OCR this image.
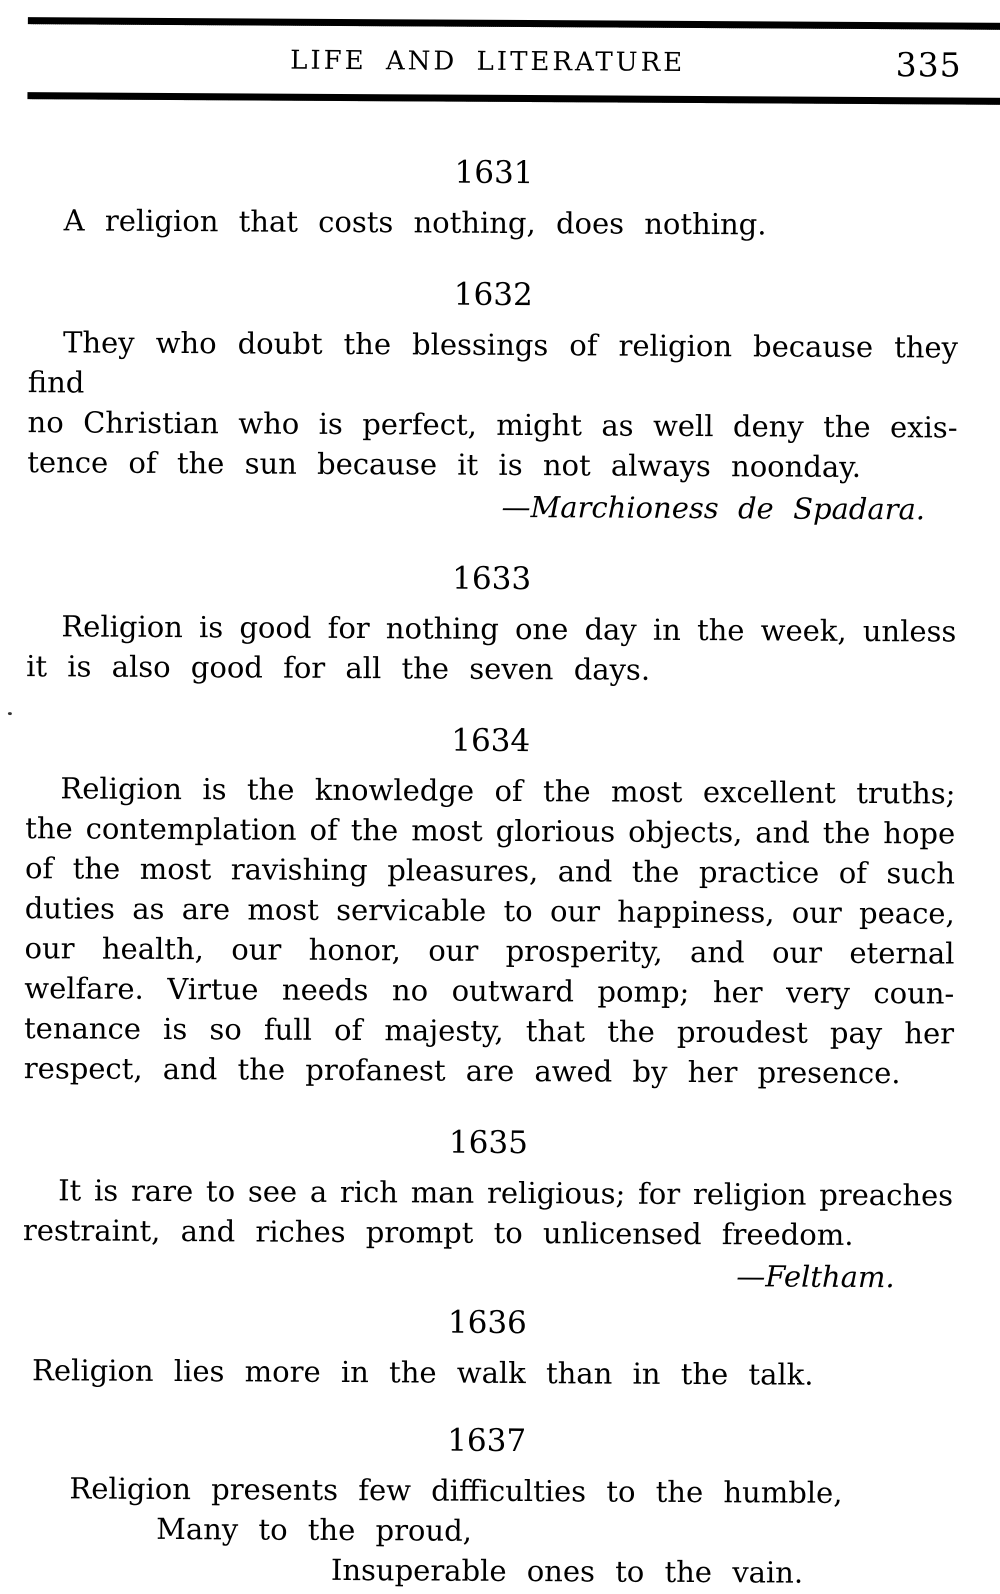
LIFE AND LITERATURE	335
1631
A religion that costs nothing, does nothing.
1632
They who doubt the blessings of religion because they find
no Christian who is perfect, might as well deny the exis-
tence of the sun because it is not always noonday.
—Marchioness de Spadara.
1633
Religion is good for nothing one day in the week, unless
it is also good for all the seven days.
1634
Religion is the knowledge of the most excellent truths;
the contemplation of the most glorious objects, and the hope
of the most ravishing pleasures, and the practice of such
duties as are most servicable to our happiness, our peace,
our health, our honor, our prosperity, and our eternal
welfare. Virtue needs no outward pomp; her very coun-
tenance is so full of majesty, that the proudest pay her
respect, and the profanest are awed by her presence.
1635
It is rare to see a rich man religious; for religion preaches
restraint, and riches prompt to unlicensed freedom.
—Feltham.
1636
Religion lies more in the walk than in the talk.
1637
Religion presents few difficulties to the humble,
Many to the proud,
Insuperable ones to the vain.
